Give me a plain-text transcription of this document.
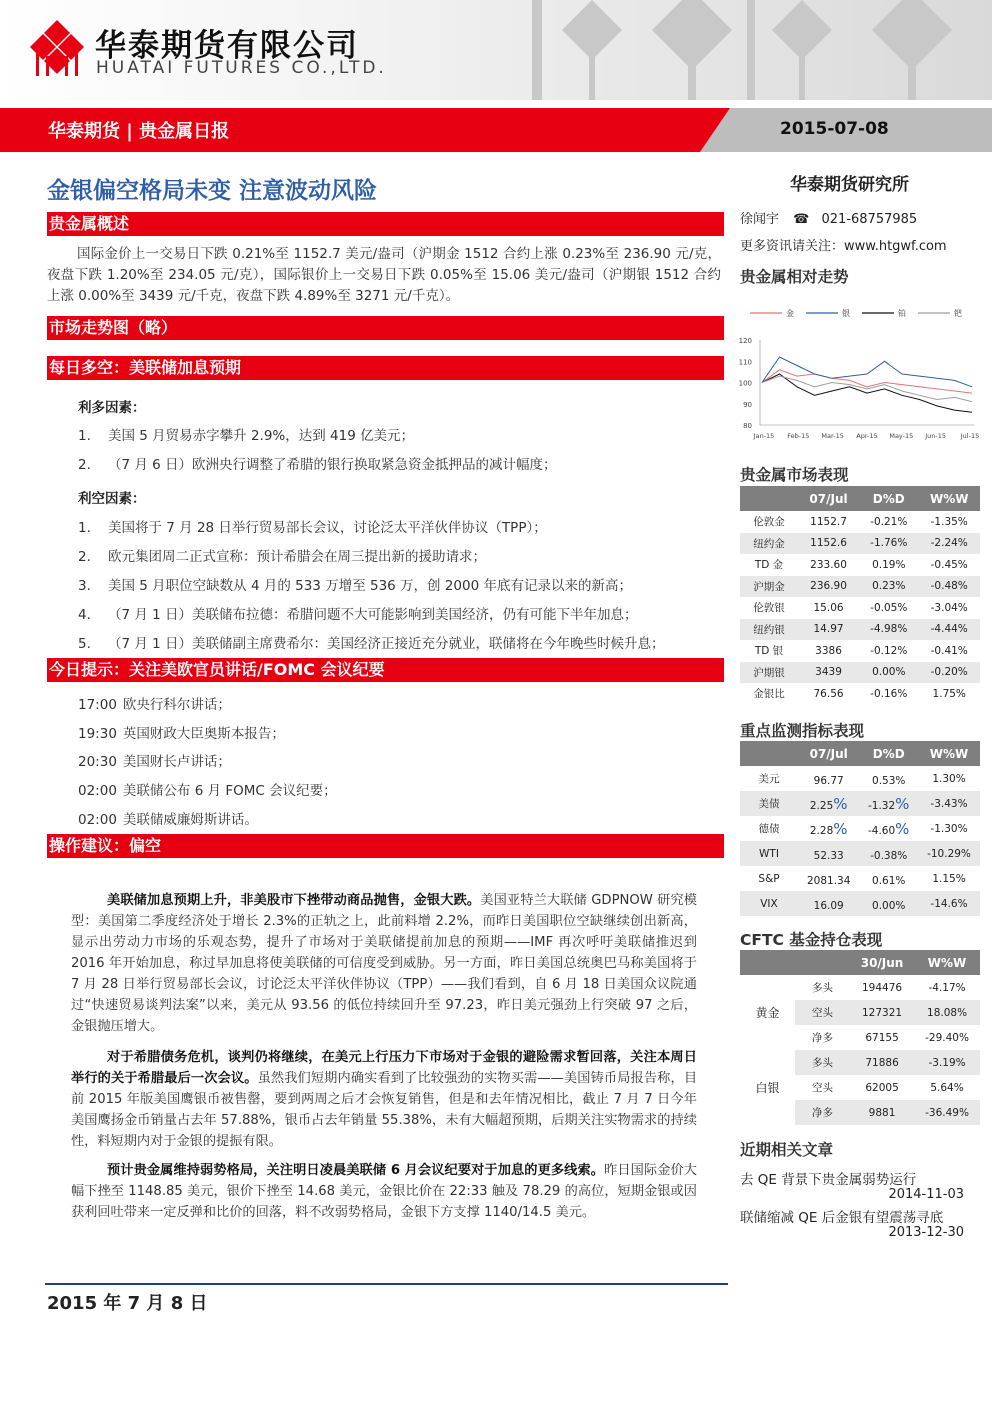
华泰期货有限公司
HUATAI FUTURES CO.,LTD.
华泰期货 | 贵金属日报	2015-07-08
金银偏空格局未变 注意波动风险
贵金属概述
国际金价上一交易日下跌 0.21%至 1152.7 美元/盎司（沪期金 1512 合约上涨 0.23%至 236.90 元/克，夜盘下跌 1.20%至 234.05 元/克），国际银价上一交易日下跌 0.05%至 15.06 美元/盎司（沪期银 1512 合约上涨 0.00%至 3439 元/千克，夜盘下跌 4.89%至 3271 元/千克）。
市场走势图（略）
每日多空：美联储加息预期
利多因素：
1. 美国 5 月贸易赤字攀升 2.9%，达到 419 亿美元；
2. （7 月 6 日）欧洲央行调整了希腊的银行换取紧急资金抵押品的减计幅度；
利空因素：
1. 美国将于 7 月 28 日举行贸易部长会议，讨论泛太平洋伙伴协议（TPP）；
2. 欧元集团周二正式宣称：预计希腊会在周三提出新的援助请求；
3. 美国 5 月职位空缺数从 4 月的 533 万增至 536 万，创 2000 年底有记录以来的新高；
4. （7 月 1 日）美联储布拉德：希腊问题不大可能影响到美国经济，仍有可能下半年加息；
5. （7 月 1 日）美联储副主席费希尔：美国经济正接近充分就业，联储将在今年晚些时候升息；
今日提示：关注美欧官员讲话/FOMC 会议纪要
17:00 欧央行科尔讲话；
19:30 英国财政大臣奥斯本报告；
20:30 美国财长卢讲话；
02:00 美联储公布 6 月 FOMC 会议纪要；
02:00 美联储威廉姆斯讲话。
操作建议：偏空
美联储加息预期上升，非美股市下挫带动商品抛售，金银大跌。美国亚特兰大联储 GDPNOW 研究模型：美国第二季度经济处于增长 2.3%的正轨之上，此前料增 2.2%，而昨日美国职位空缺继续创出新高，显示出劳动力市场的乐观态势，提升了市场对于美联储提前加息的预期——IMF 再次呼吁美联储推迟到 2016 年开始加息，称过早加息将使美联储的可信度受到威胁。另一方面，昨日美国总统奥巴马称美国将于 7 月 28 日举行贸易部长会议，讨论泛太平洋伙伴协议（TPP）——我们看到，自 6 月 18 日美国众议院通过“快速贸易谈判法案”以来，美元从 93.56 的低位持续回升至 97.23，昨日美元强劲上行突破 97 之后，金银抛压增大。
对于希腊债务危机，谈判仍将继续，在美元上行压力下市场对于金银的避险需求暂回落，关注本周日举行的关于希腊最后一次会议。虽然我们短期内确实看到了比较强劲的实物买需——美国铸币局报告称，目前 2015 年版美国鹰银币被售罄，要到两周之后才会恢复销售，但是和去年情况相比，截止 7 月 7 日今年美国鹰扬金币销量占去年 57.88%，银币占去年销量 55.38%，未有大幅超预期，后期关注实物需求的持续性，料短期内对于金银的提振有限。
预计贵金属维持弱势格局，关注明日凌晨美联储 6 月会议纪要对于加息的更多线索。昨日国际金价大幅下挫至 1148.85 美元，银价下挫至 14.68 美元，金银比价在 22:33 触及 78.29 的高位，短期金银或因获利回吐带来一定反弹和比价的回落，料不改弱势格局，金银下方支撑 1140/14.5 美元。
2015 年 7 月 8 日
华泰期货研究所
徐闻宇 ☎ 021-68757985
更多资讯请关注：www.htgwf.com
贵金属相对走势
金	银	铂	钯
80
90
100
110
120
Jan-15 Feb-15 Mar-15 Apr-15 May-15 Jun-15 Jul-15
贵金属市场表现
	07/Jul	D%D	W%W
伦敦金	1152.7	-0.21%	-1.35%
纽约金	1152.6	-1.76%	-2.24%
TD 金	233.60	0.19%	-0.45%
沪期金	236.90	0.23%	-0.48%
伦敦银	15.06	-0.05%	-3.04%
纽约银	14.97	-4.98%	-4.44%
TD 银	3386	-0.12%	-0.41%
沪期银	3439	0.00%	-0.20%
金银比	76.56	-0.16%	1.75%
重点监测指标表现
	07/Jul	D%D	W%W
美元	96.77	0.53%	1.30%
美债	2.25%	-1.32%	-3.43%
德债	2.28%	-4.60%	-1.30%
WTI	52.33	-0.38%	-10.29%
S&P	2081.34	0.61%	1.15%
VIX	16.09	0.00%	-14.6%
CFTC 基金持仓表现
		30/Jun	W%W
黄金	多头	194476	-4.17%
	空头	127321	18.08%
	净多	67155	-29.40%
白银	多头	71886	-3.19%
	空头	62005	5.64%
	净多	9881	-36.49%
近期相关文章
去 QE 背景下贵金属弱势运行
2014-11-03
联储缩减 QE 后金银有望震荡寻底
2013-12-30
